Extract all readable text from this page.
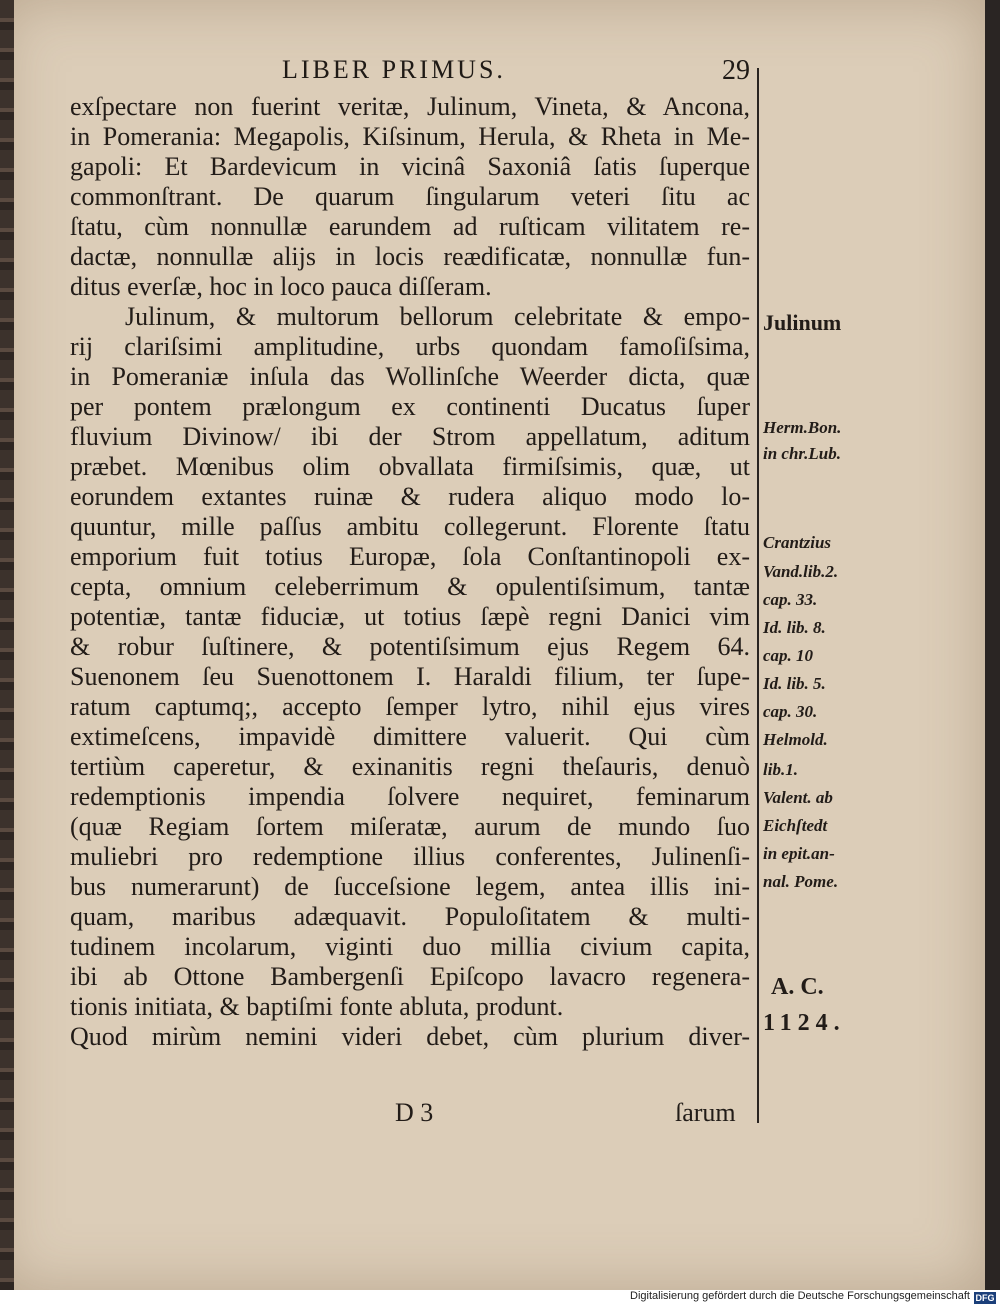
LIBER PRIMUS.	29
exſpectare non fuerint veritæ, Julinum, Vineta, & Ancona,
in Pomerania: Megapolis, Kiſsinum, Herula, & Rheta in Me-
gapoli: Et Bardevicum in vicinâ Saxoniâ ſatis ſuperque
commonſtrant. De quarum ſingularum veteri ſitu ac
ſtatu, cùm nonnullæ earundem ad ruſticam vilitatem re-
dactæ, nonnullæ alijs in locis reædificatæ, nonnullæ fun-
ditus everſæ, hoc in loco pauca diſſeram.
Julinum, & multorum bellorum celebritate & empo-
rij clariſsimi amplitudine, urbs quondam famoſiſsima,
in Pomeraniæ inſula das Wollinſche Weerder dicta, quæ
per pontem prælongum ex continenti Ducatus ſuper
fluvium Divinow/ ibi der Strom appellatum, aditum
præbet. Mœnibus olim obvallata firmiſsimis, quæ, ut
eorundem extantes ruinæ & rudera aliquo modo lo-
quuntur, mille paſſus ambitu collegerunt. Florente ſtatu
emporium fuit totius Europæ, ſola Conſtantinopoli ex-
cepta, omnium celeberrimum & opulentiſsimum, tantæ
potentiæ, tantæ fiduciæ, ut totius ſæpè regni Danici vim
& robur ſuſtinere, & potentiſsimum ejus Regem 64.
Suenonem ſeu Suenottonem I. Haraldi filium, ter ſupe-
ratum captumq;, accepto ſemper lytro, nihil ejus vires
extimeſcens, impavidè dimittere valuerit. Qui cùm
tertiùm caperetur, & exinanitis regni theſauris, denuò
redemptionis impendia ſolvere nequiret, feminarum
(quæ Regiam ſortem miſeratæ, aurum de mundo ſuo
muliebri pro redemptione illius conferentes, Julinenſi-
bus numerarunt) de ſucceſsione legem, antea illis ini-
quam, maribus adæquavit. Populoſitatem & multi-
tudinem incolarum, viginti duo millia civium capita,
ibi ab Ottone Bambergenſi Epiſcopo lavacro regenera-
tionis initiata, & baptiſmi fonte abluta, produnt.
Quod mirùm nemini videri debet, cùm plurium diver-
D 3	ſarum
Julinum
Herm.Bon.
in chr.Lub.
Crantzius
Vand.lib.2.
cap. 33.
Id. lib. 8.
cap. 10
Id. lib. 5.
cap. 30.
Helmold.
lib.1.
Valent. ab
Eichſtedt
in epit.an-
nal. Pome.
A. C.
1124.
Digitalisierung gefördert durch die Deutsche Forschungsgemeinschaft DFG
